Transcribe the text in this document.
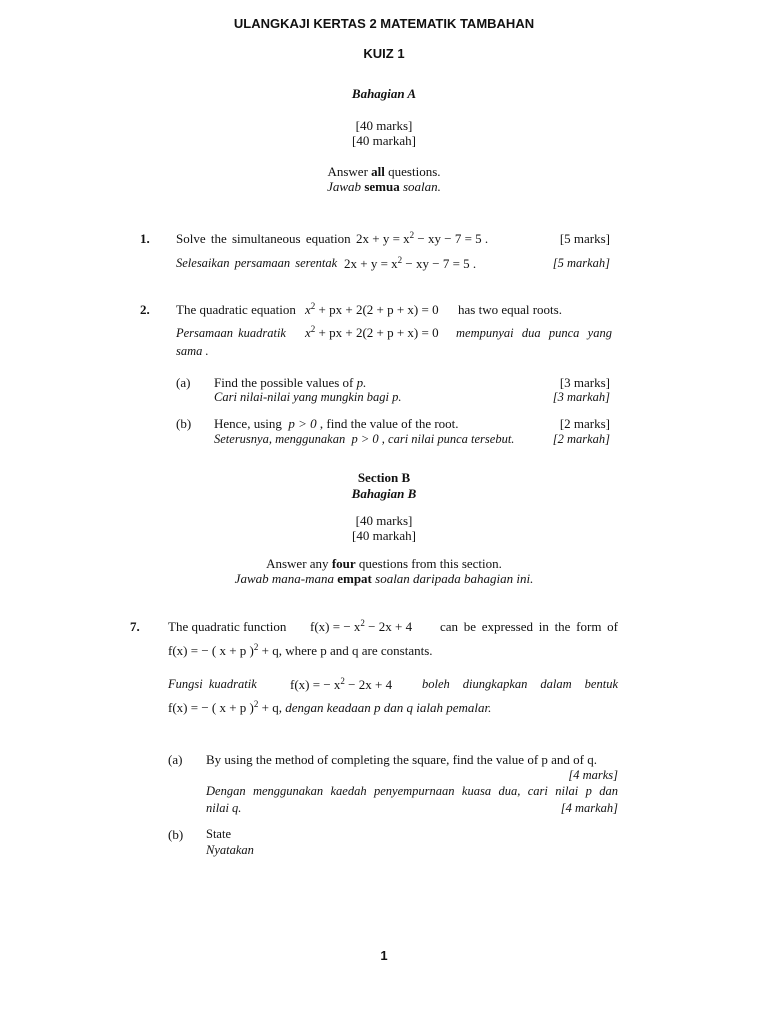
ULANGKAJI KERTAS 2 MATEMATIK TAMBAHAN
KUIZ 1
Bahagian A
[40 marks]
[40 markah]
Answer all questions.
Jawab semua soalan.
1. Solve the simultaneous equation $2x + y = x^2$ − xy − 7 = 5 .	[5 marks]
Selesaikan persamaan serentak $2x + y = x^2$ − xy − 7 = 5 .	[5 markah]
2. The quadratic equation $x^2$ + px + 2(2 + p + x) = 0 has two equal roots.
Persamaan kuadratik $x^2$ + px + 2(2 + p + x) = 0 mempunyai dua punca yang
sama .
(a) Find the possible values of p.	[3 marks]
Cari nilai-nilai yang mungkin bagi p.	[3 markah]
(b) Hence, using p > 0 , find the value of the root.	[2 marks]
Seterusnya, menggunakan p > 0 , cari nilai punca tersebut.	[2 markah]
Section B
Bahagian B
[40 marks]
[40 markah]
Answer any four questions from this section.
Jawab mana-mana empat soalan daripada bahagian ini.
7. The quadratic function f(x) = − $x^2 - 2x + 4$ can be expressed in the form of
f(x) = − ( x + p )$^2$ + q, where p and q are constants.
Fungsi kuadratik	f(x) = − $x^2 - 2x + 4$ boleh diungkapkan dalam bentuk
f(x) = − ( x + p )$^2$ + q, dengan keadaan p dan q ialah pemalar.
(a) By using the method of completing the square, find the value of p and of q.
[4 marks]
Dengan menggunakan kaedah penyempurnaan kuasa dua, cari nilai p dan
nilai q.	[4 markah]
(b) State
Nyatakan
1
